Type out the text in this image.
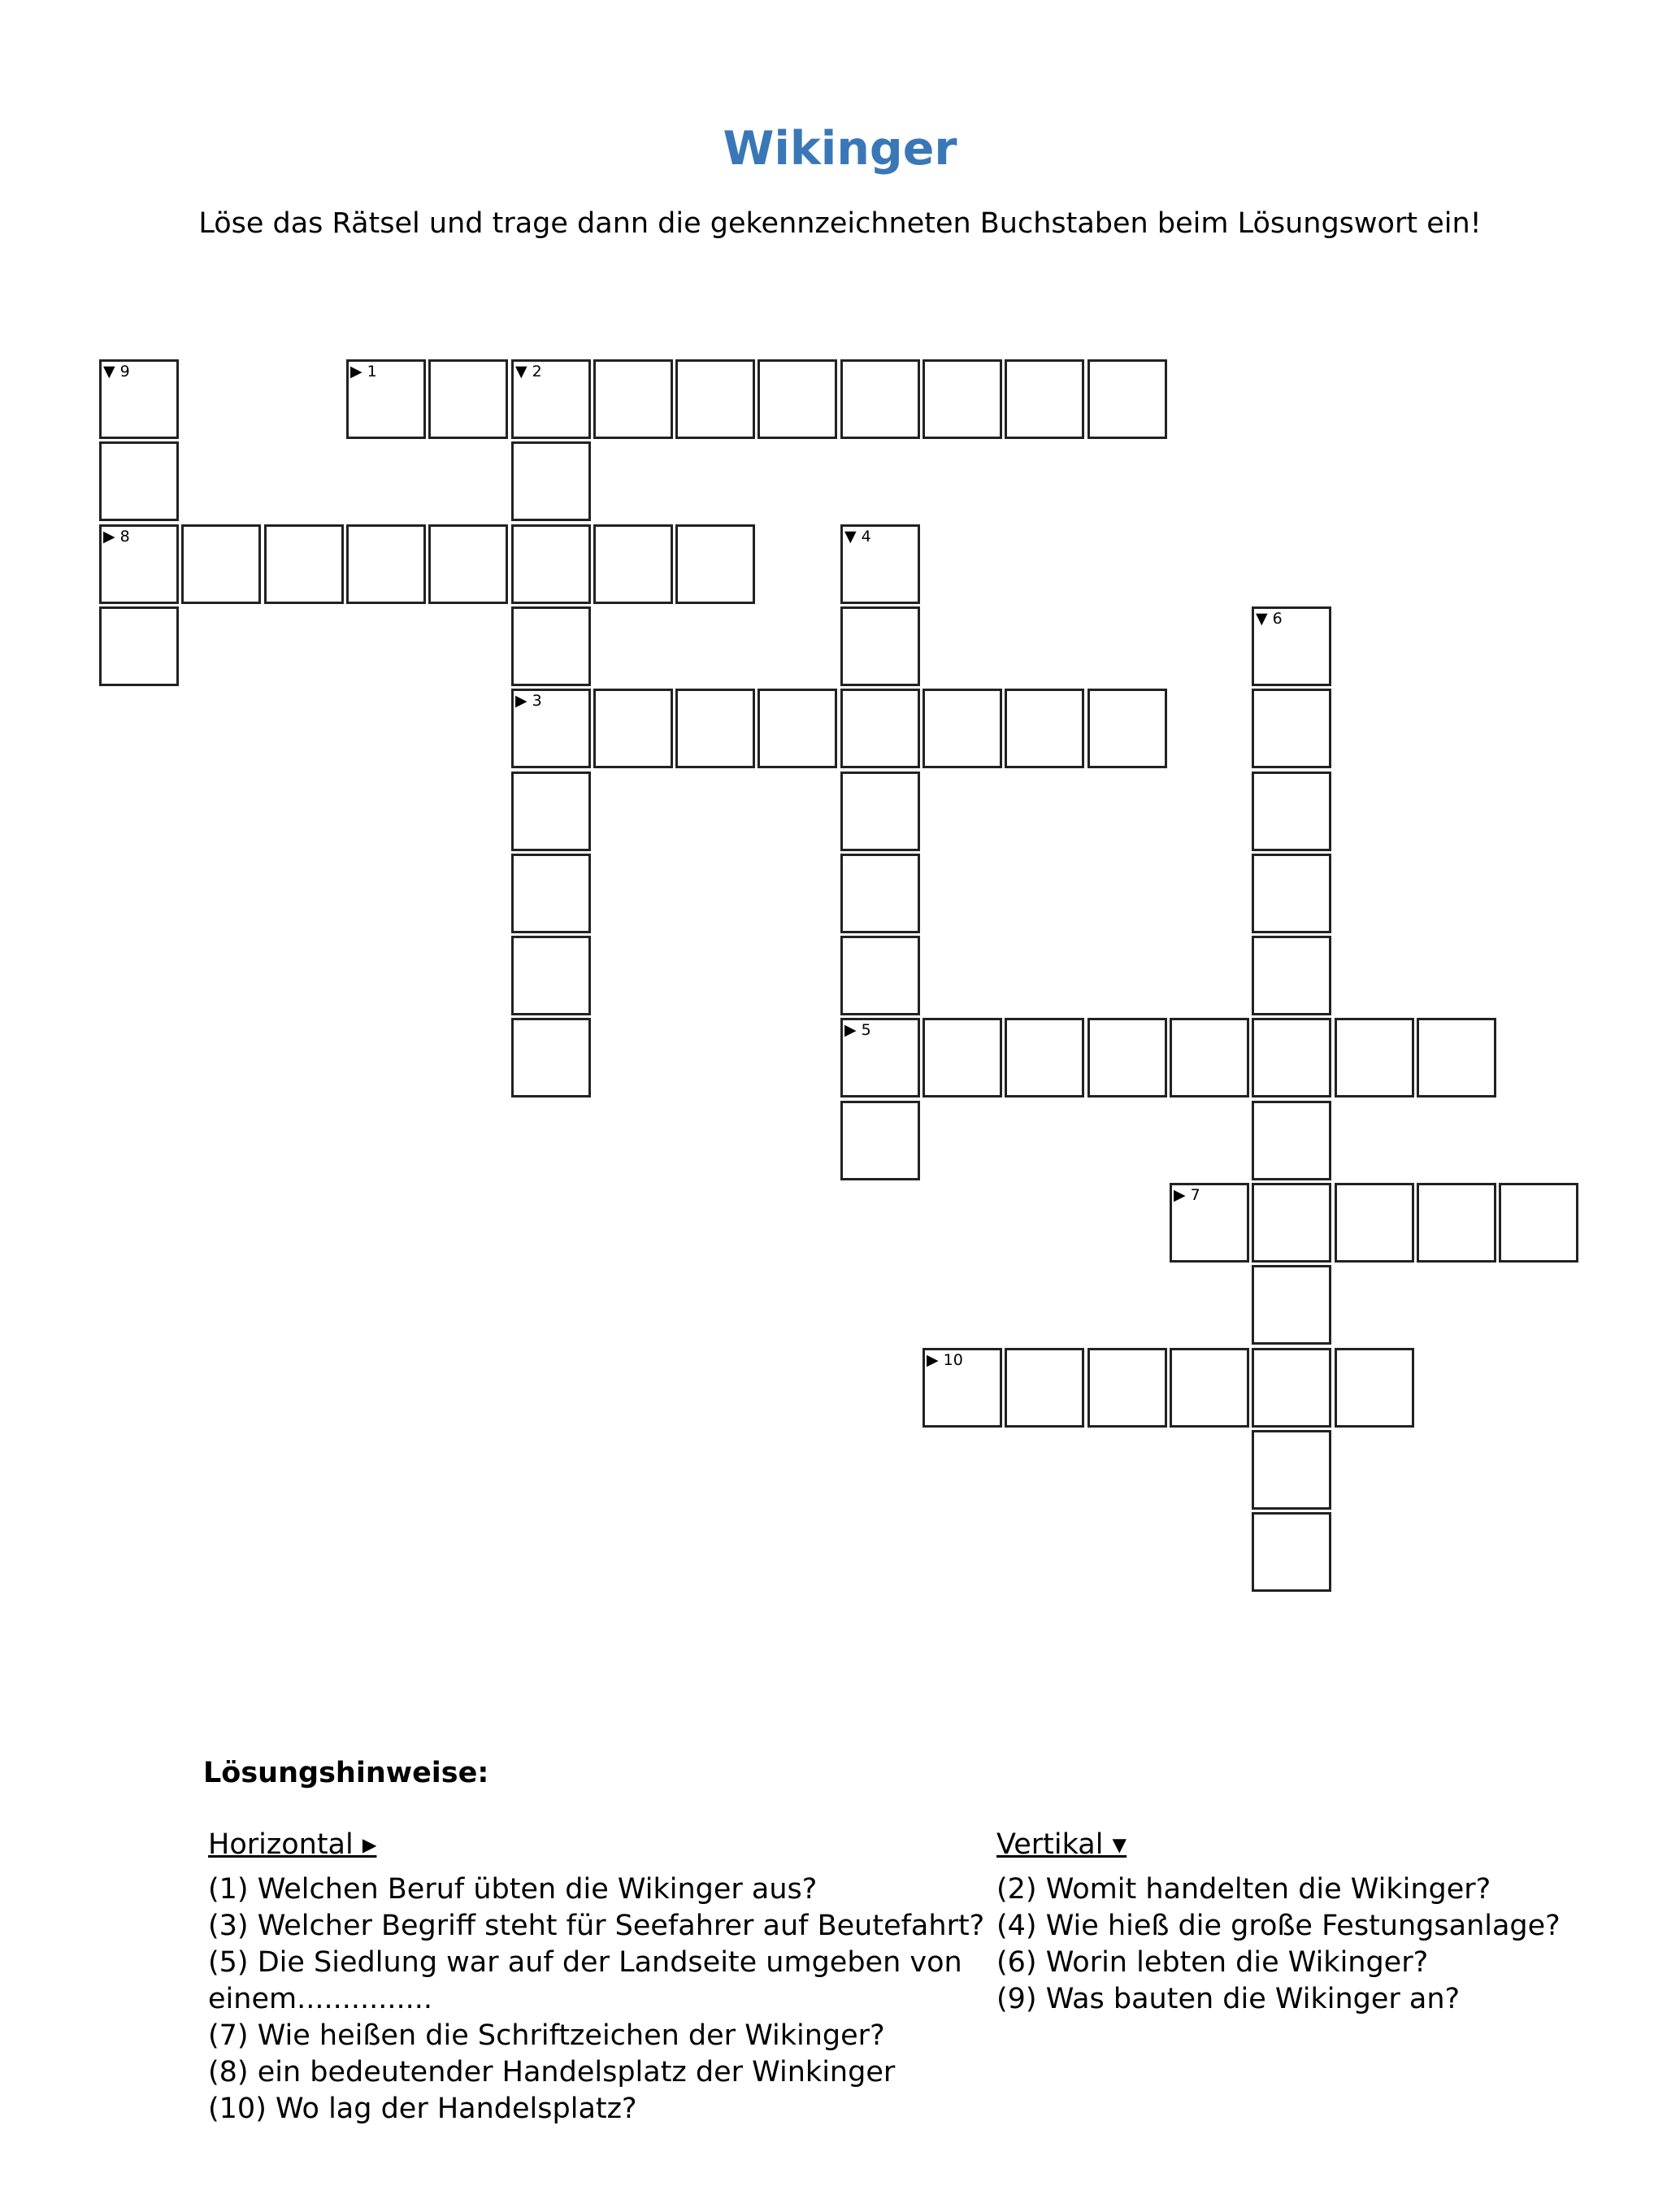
Wikinger
Löse das Rätsel und trage dann die gekennzeichneten Buchstaben beim Lösungswort ein!
▶ 1	▼ 2
▶ 8
▶ 3
▶ 5
▶ 7
▶ 10
▼ 9
▼ 4
▼ 6
Lösungshinweise:
Horizontal ▸
(1) Welchen Beruf übten die Wikinger aus?
(3) Welcher Begriff steht für Seefahrer auf Beutefahrt?
(5) Die Siedlung war auf der Landseite umgeben von einem...............
(7) Wie heißen die Schriftzeichen der Wikinger?
(8) ein bedeutender Handelsplatz der Winkinger
(10) Wo lag der Handelsplatz?
Vertikal ▾
(2) Womit handelten die Wikinger?
(4) Wie hieß die große Festungsanlage?
(6) Worin lebten die Wikinger?
(9) Was bauten die Wikinger an?
